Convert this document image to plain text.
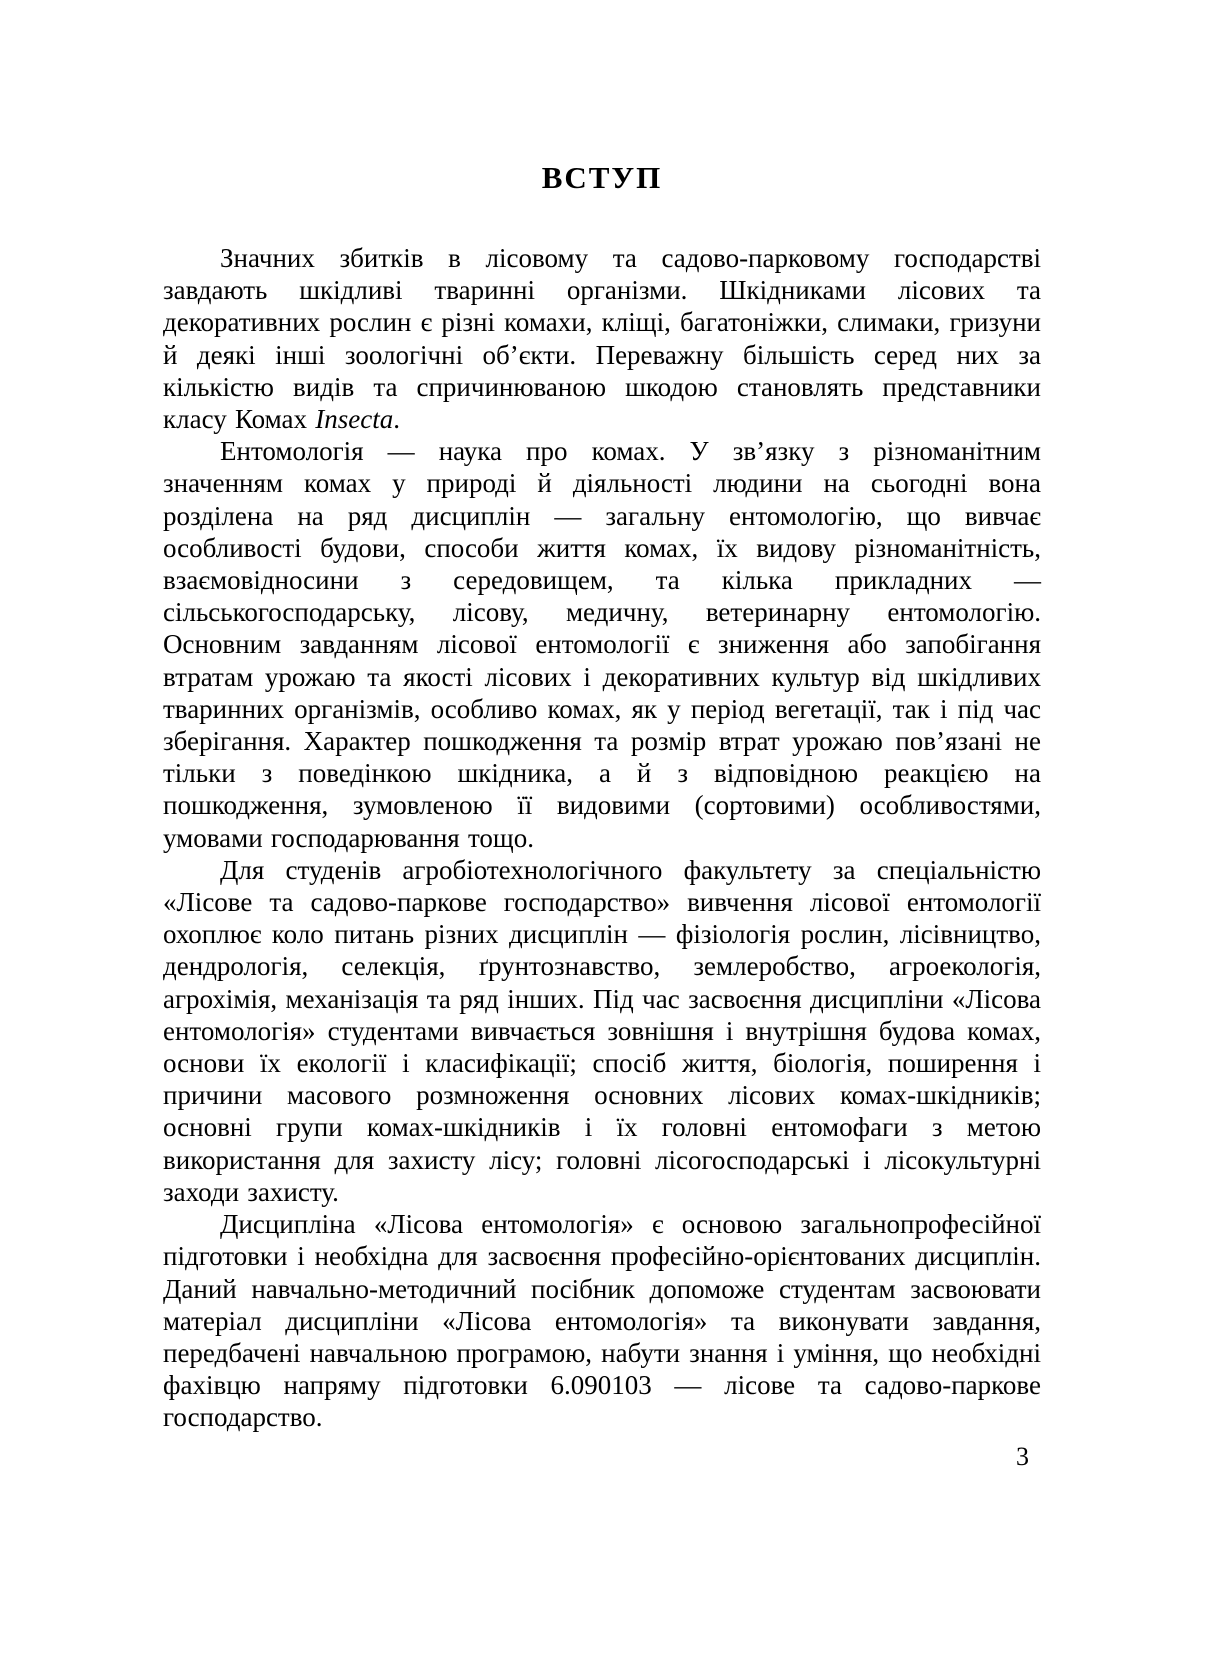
ВСТУП

Значних збитків в лісовому та садово-парковому господарстві завдають шкідливі тваринні організми. Шкідниками лісових та декоративних рослин є різні комахи, кліщі, багатоніжки, слимаки, гризуни й деякі інші зоологічні об’єкти. Переважну більшість серед них за кількістю видів та спричинюваною шкодою становлять представники класу Комах Insecta.

Ентомологія — наука про комах. У зв’язку з різноманітним значенням комах у природі й діяльності людини на сьогодні вона розділена на ряд дисциплін — загальну ентомологію, що вивчає особливості будови, способи життя комах, їх видову різноманітність, взаємовідносини з середовищем, та кілька прикладних — сільськогосподарську, лісову, медичну, ветеринарну ентомологію. Основним завданням лісової ентомології є зниження або запобігання втратам урожаю та якості лісових і декоративних культур від шкідливих тваринних організмів, особливо комах, як у період вегетації, так і під час зберігання. Характер пошкодження та розмір втрат урожаю пов’язані не тільки з поведінкою шкідника, а й з відповідною реакцією на пошкодження, зумовленою її видовими (сортовими) особливостями, умовами господарювання тощо.

Для студенів агробіотехнологічного факультету за спеціальністю «Лісове та садово-паркове господарство» вивчення лісової ентомології охоплює коло питань різних дисциплін — фізіологія рослин, лісівництво, дендрологія, селекція, ґрунтознавство, землеробство, агроекологія, агрохімія, механізація та ряд інших. Під час засвоєння дисципліни «Лісова ентомологія» студентами вивчається зовнішня і внутрішня будова комах, основи їх екології і класифікації; спосіб життя, біологія, поширення і причини масового розмноження основних лісових комах-шкідників; основні групи комах-шкідників і їх головні ентомофаги з метою використання для захисту лісу; головні лісогосподарські і лісокультурні заходи захисту.

Дисципліна «Лісова ентомологія» є основою загальнопрофесійної підготовки і необхідна для засвоєння професійно-орієнтованих дисциплін. Даний навчально-методичний посібник допоможе студентам засвоювати матеріал дисципліни «Лісова ентомологія» та виконувати завдання, передбачені навчальною програмою, набути знання і уміння, що необхідні фахівцю напряму підготовки 6.090103 — лісове та садово-паркове господарство.

3
